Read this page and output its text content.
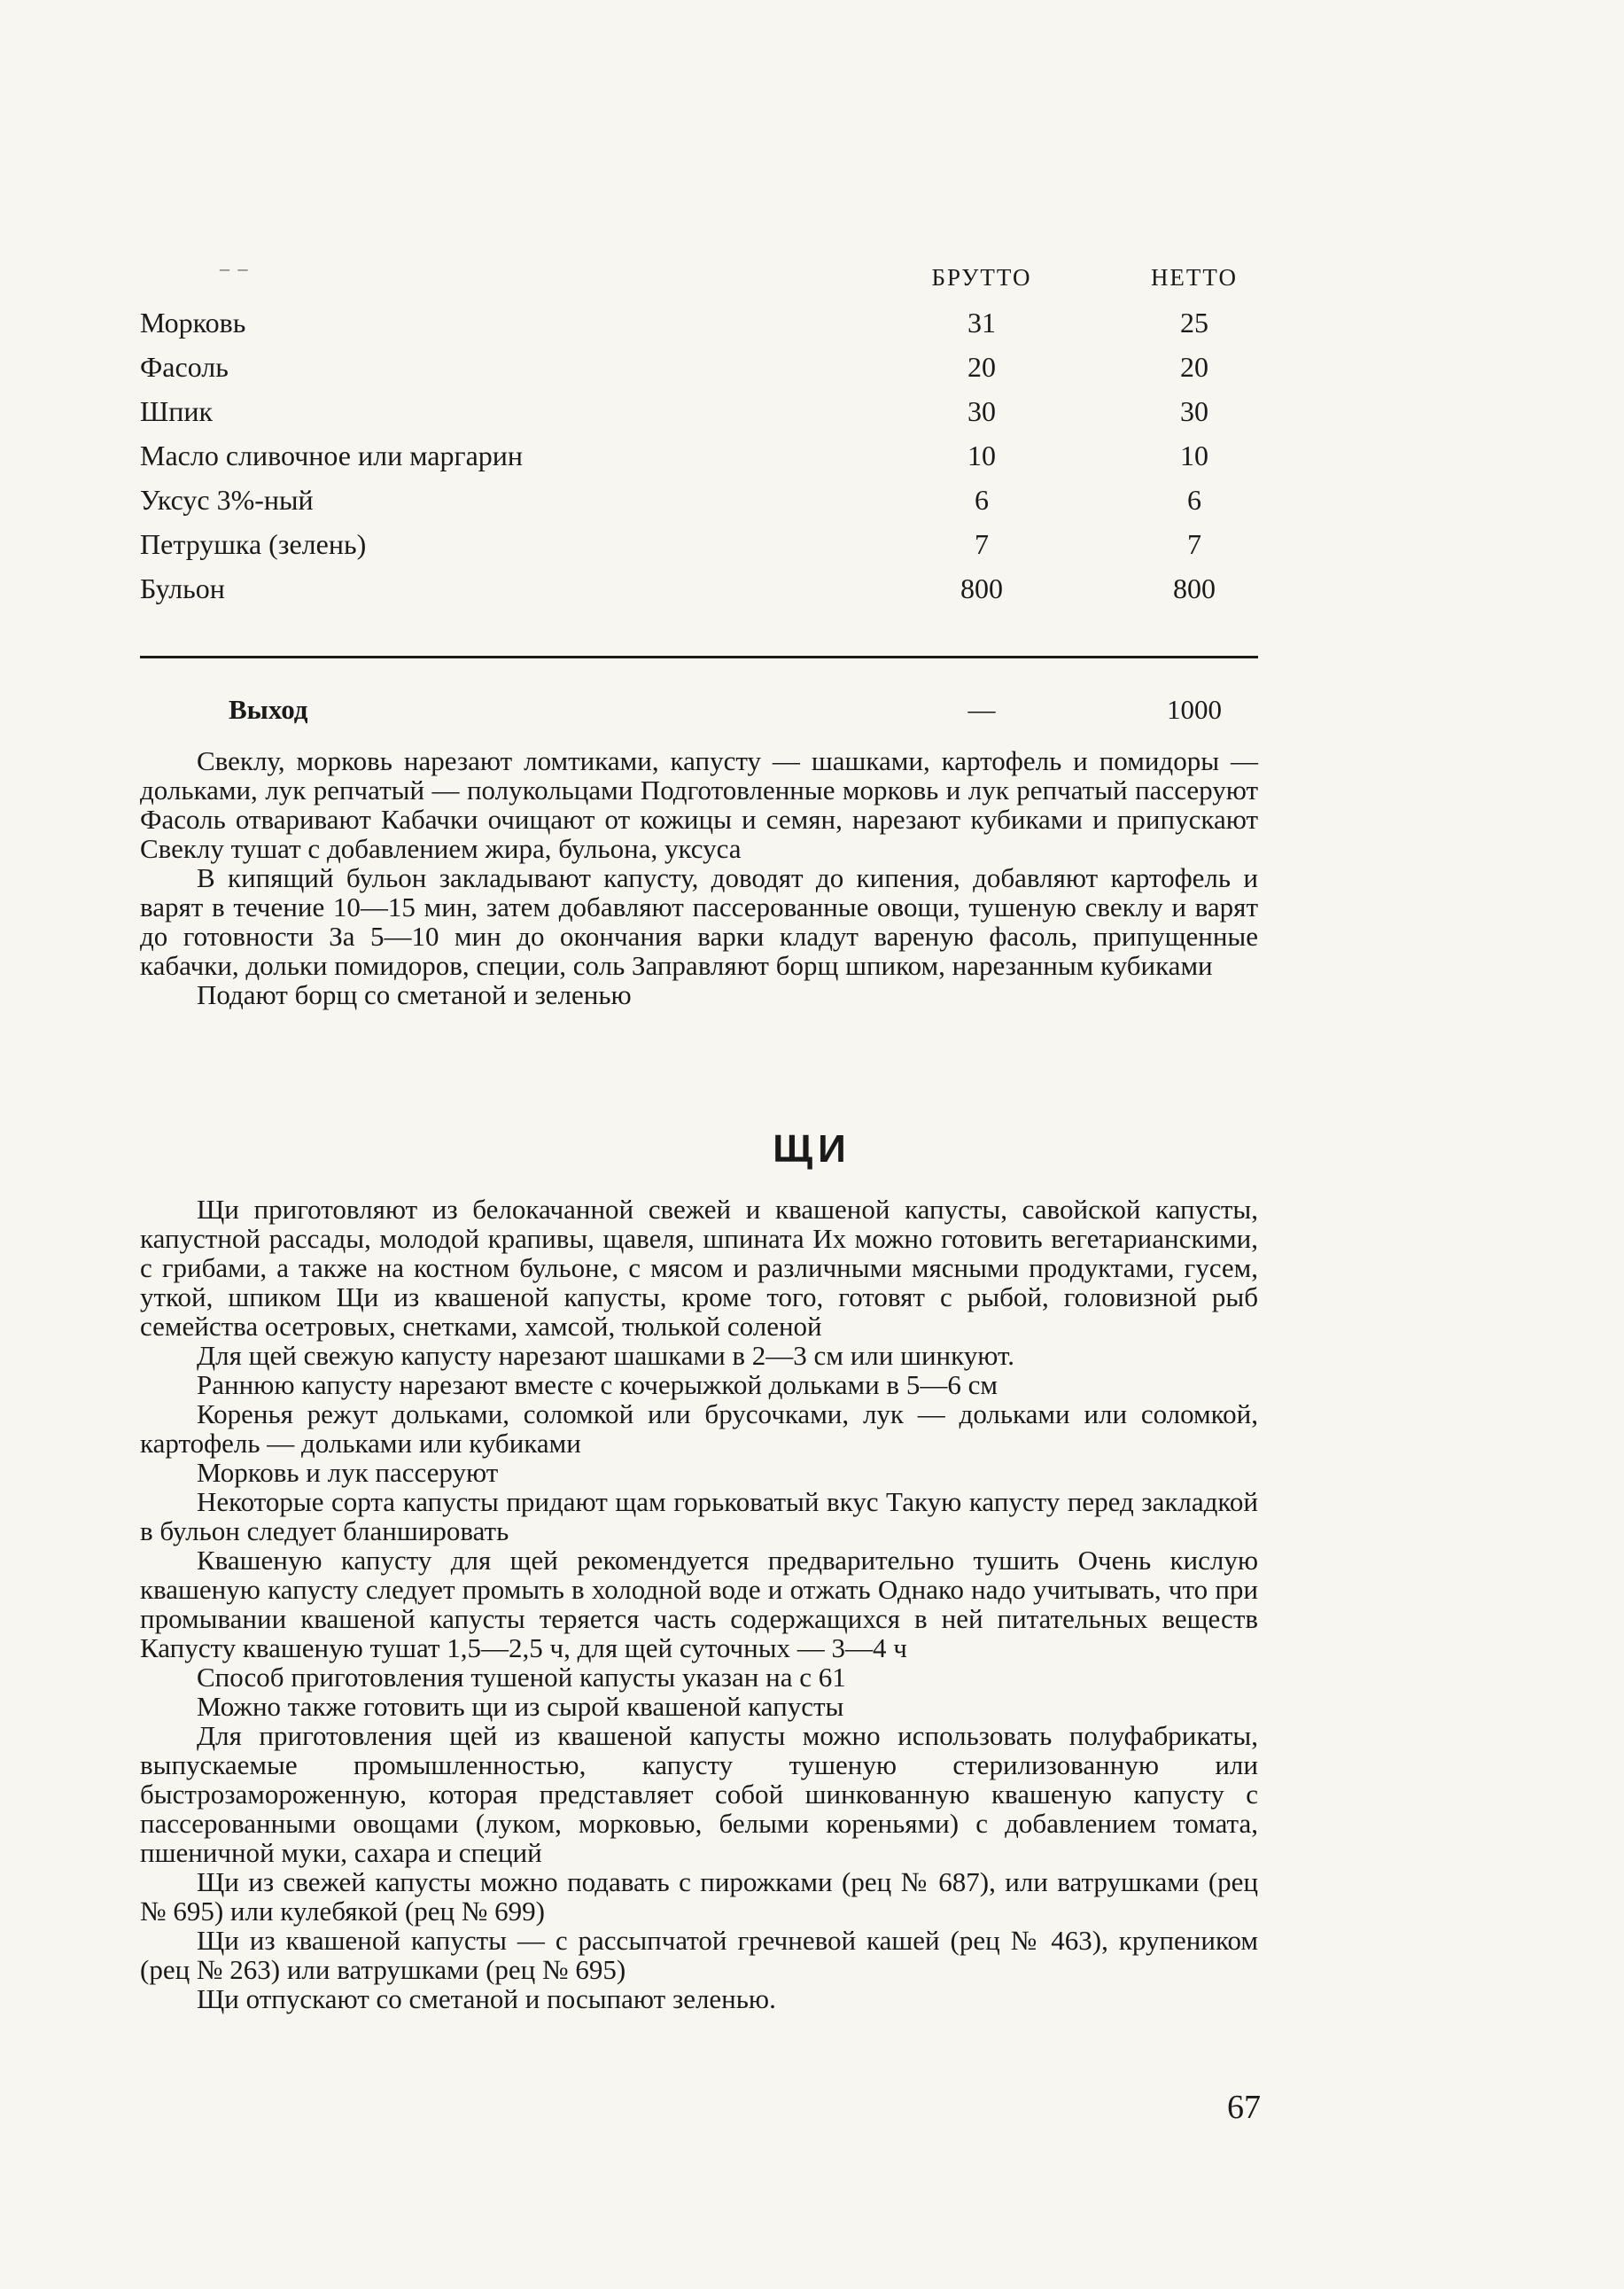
– –	БРУТТО	НЕТТО
Морковь	31	25
Фасоль	20	20
Шпик	30	30
Масло сливочное или маргарин	10	10
Уксус 3%-ный	6	6
Петрушка (зелень)	7	7
Бульон	800	800
Выход	—	1000

Свеклу, морковь нарезают ломтиками, капусту — шашками, картофель и помидоры — дольками, лук репчатый — полукольцами Подготовленные морковь и лук репчатый пассеруют Фасоль отваривают Кабачки очищают от кожицы и семян, нарезают кубиками и припускают Свеклу тушат с добавлением жира, бульона, уксуса

В кипящий бульон закладывают капусту, доводят до кипения, добавляют картофель и варят в течение 10—15 мин, затем добавляют пассерованные овощи, тушеную свеклу и варят до готовности За 5—10 мин до окончания варки кладут вареную фасоль, припущенные кабачки, дольки помидоров, специи, соль Заправляют борщ шпиком, нарезанным кубиками

Подают борщ со сметаной и зеленью

ЩИ

Щи приготовляют из белокачанной свежей и квашеной капусты, савойской капусты, капустной рассады, молодой крапивы, щавеля, шпината Их можно готовить вегетарианскими, с грибами, а также на костном бульоне, с мясом и различными мясными продуктами, гусем, уткой, шпиком Щи из квашеной капусты, кроме того, готовят с рыбой, головизной рыб семейства осетровых, снетками, хамсой, тюлькой соленой

Для щей свежую капусту нарезают шашками в 2—3 см или шинкуют.

Раннюю капусту нарезают вместе с кочерыжкой дольками в 5—6 см

Коренья режут дольками, соломкой или брусочками, лук — дольками или соломкой, картофель — дольками или кубиками

Морковь и лук пассеруют

Некоторые сорта капусты придают щам горьковатый вкус Такую капусту перед закладкой в бульон следует бланшировать

Квашеную капусту для щей рекомендуется предварительно тушить Очень кислую квашеную капусту следует промыть в холодной воде и отжать Однако надо учитывать, что при промывании квашеной капусты теряется часть содержащихся в ней питательных веществ Капусту квашеную тушат 1,5—2,5 ч, для щей суточных — 3—4 ч

Способ приготовления тушеной капусты указан на с 61

Можно также готовить щи из сырой квашеной капусты

Для приготовления щей из квашеной капусты можно использовать полуфабрикаты, выпускаемые промышленностью, капусту тушеную стерилизованную или быстрозамороженную, которая представляет собой шинкованную квашеную капусту с пассерованными овощами (луком, морковью, белыми кореньями) с добавлением томата, пшеничной муки, сахара и специй

Щи из свежей капусты можно подавать с пирожками (рец № 687), или ватрушками (рец № 695) или кулебякой (рец № 699)

Щи из квашеной капусты — с рассыпчатой гречневой кашей (рец № 463), крупеником (рец № 263) или ватрушками (рец № 695)

Щи отпускают со сметаной и посыпают зеленью.

67
